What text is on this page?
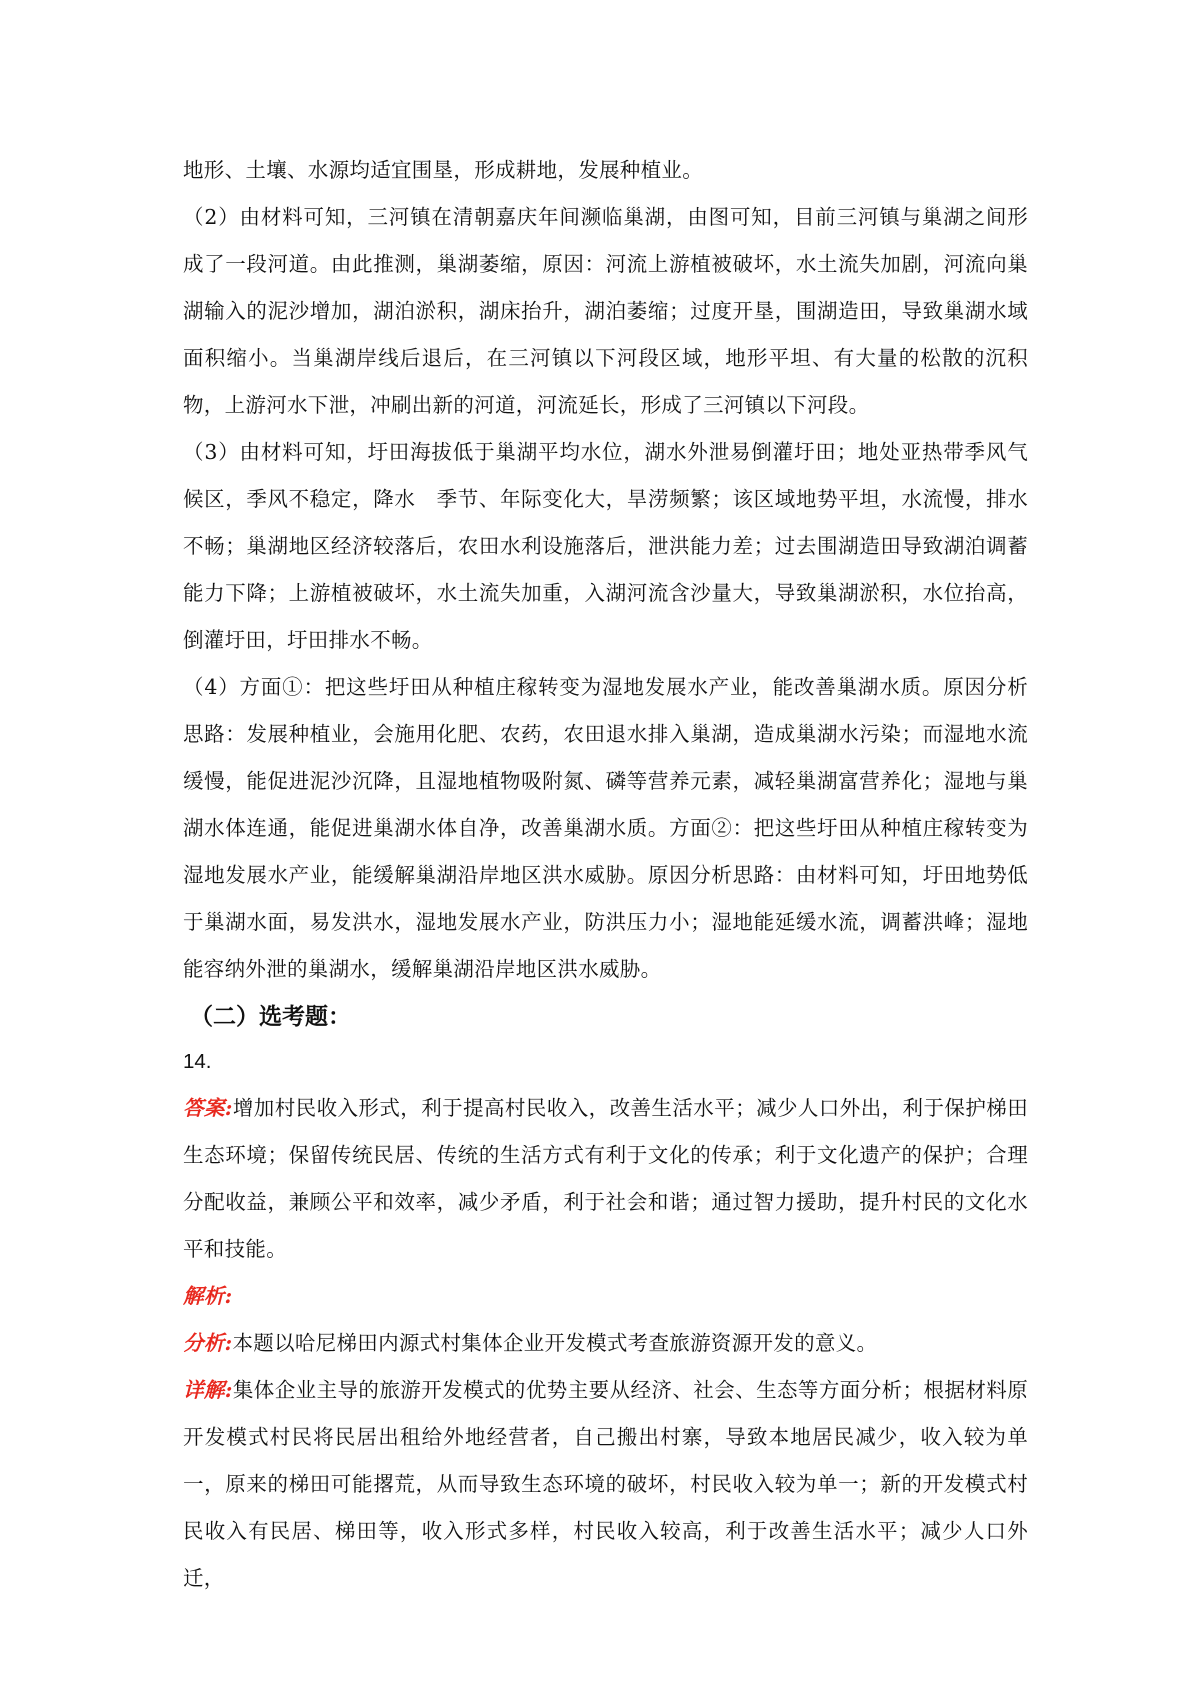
地形、土壤、水源均适宜围垦，形成耕地，发展种植业。
（2）由材料可知，三河镇在清朝嘉庆年间濒临巢湖，由图可知，目前三河镇与巢湖之间形成了一段河道。由此推测，巢湖萎缩，原因：河流上游植被破坏，水土流失加剧，河流向巢湖输入的泥沙增加，湖泊淤积，湖床抬升，湖泊萎缩；过度开垦，围湖造田，导致巢湖水域面积缩小。当巢湖岸线后退后，在三河镇以下河段区域，地形平坦、有大量的松散的沉积物，上游河水下泄，冲刷出新的河道，河流延长，形成了三河镇以下河段。
（3）由材料可知，圩田海拔低于巢湖平均水位，湖水外泄易倒灌圩田；地处亚热带季风气候区，季风不稳定，降水　季节、年际变化大，旱涝频繁；该区域地势平坦，水流慢，排水不畅；巢湖地区经济较落后，农田水利设施落后，泄洪能力差；过去围湖造田导致湖泊调蓄能力下降；上游植被破坏，水土流失加重，入湖河流含沙量大，导致巢湖淤积，水位抬高，倒灌圩田，圩田排水不畅。
（4）方面①：把这些圩田从种植庄稼转变为湿地发展水产业，能改善巢湖水质。原因分析思路：发展种植业，会施用化肥、农药，农田退水排入巢湖，造成巢湖水污染；而湿地水流缓慢，能促进泥沙沉降，且湿地植物吸附氮、磷等营养元素，减轻巢湖富营养化；湿地与巢湖水体连通，能促进巢湖水体自净，改善巢湖水质。方面②：把这些圩田从种植庄稼转变为湿地发展水产业，能缓解巢湖沿岸地区洪水威胁。原因分析思路：由材料可知，圩田地势低于巢湖水面，易发洪水，湿地发展水产业，防洪压力小；湿地能延缓水流，调蓄洪峰；湿地能容纳外泄的巢湖水，缓解巢湖沿岸地区洪水威胁。
（二）选考题：
14.
答案:增加村民收入形式，利于提高村民收入，改善生活水平；减少人口外出，利于保护梯田生态环境；保留传统民居、传统的生活方式有利于文化的传承；利于文化遗产的保护；合理分配收益，兼顾公平和效率，减少矛盾，利于社会和谐；通过智力援助，提升村民的文化水平和技能。
解析:
分析:本题以哈尼梯田内源式村集体企业开发模式考查旅游资源开发的意义。
详解:集体企业主导的旅游开发模式的优势主要从经济、社会、生态等方面分析；根据材料原开发模式村民将民居出租给外地经营者，自己搬出村寨，导致本地居民减少，收入较为单一，原来的梯田可能撂荒，从而导致生态环境的破坏，村民收入较为单一；新的开发模式村民收入有民居、梯田等，收入形式多样，村民收入较高，利于改善生活水平；减少人口外迁，
